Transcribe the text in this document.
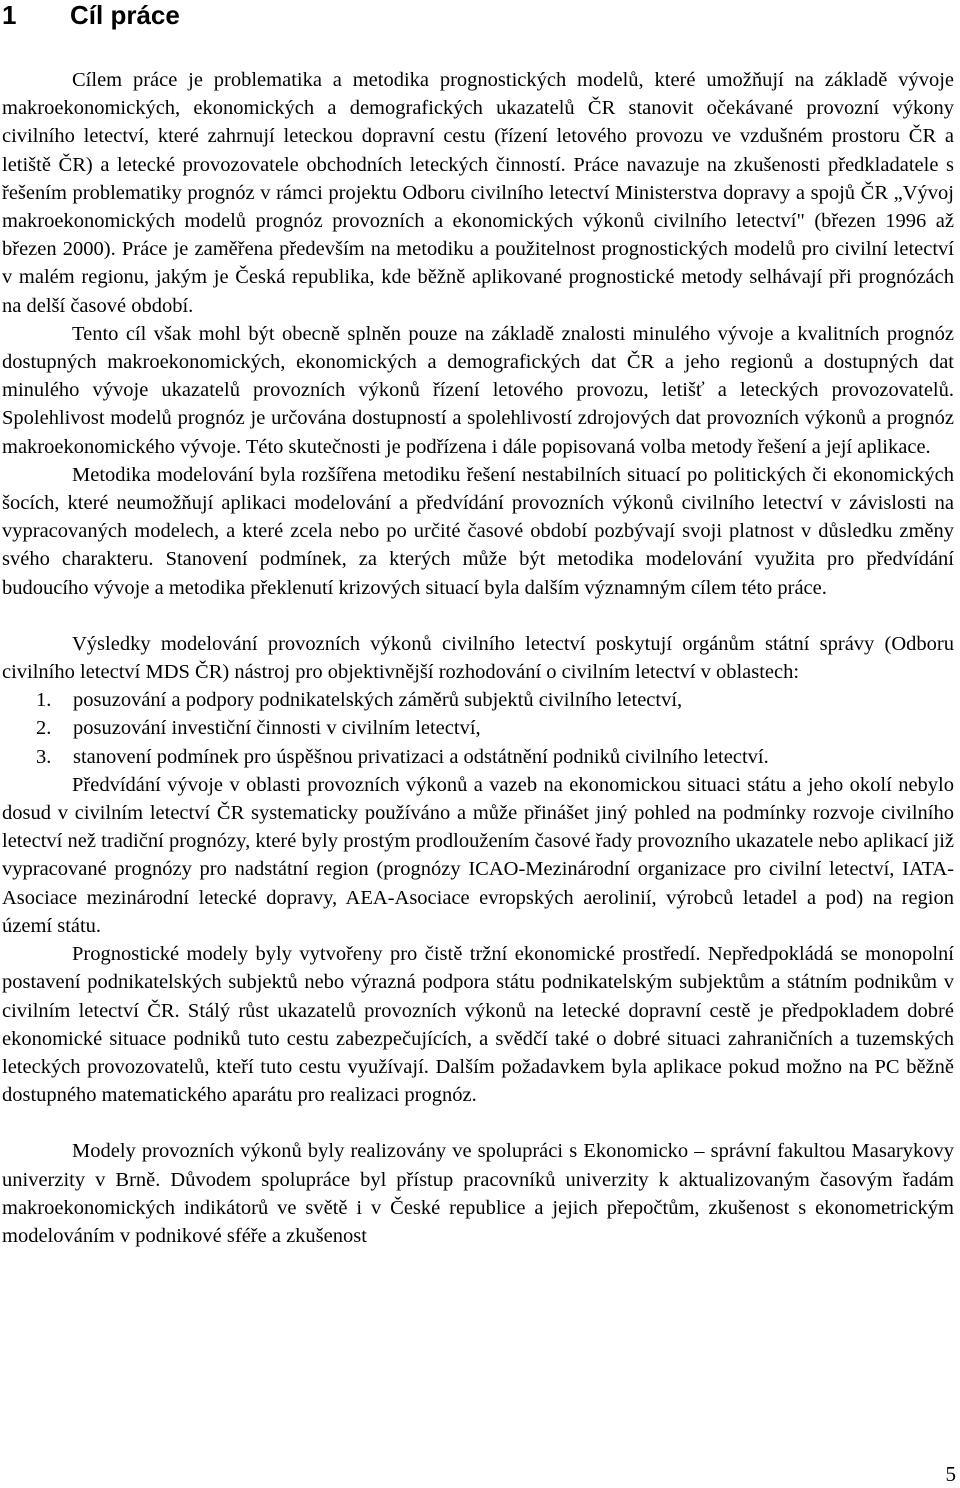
1	Cíl práce

Cílem práce je problematika a metodika prognostických modelů, které umožňují na základě vývoje makroekonomických, ekonomických a demografických ukazatelů ČR stanovit očekávané provozní výkony civilního letectví, které zahrnují leteckou dopravní cestu (řízení letového provozu ve vzdušném prostoru ČR a letiště ČR) a letecké provozovatele obchodních leteckých činností. Práce navazuje na zkušenosti předkladatele s řešením problematiky prognóz v rámci projektu Odboru civilního letectví Ministerstva dopravy a spojů ČR „Vývoj makroekonomických modelů prognóz provozních a ekonomických výkonů civilního letectví" (březen 1996 až březen 2000). Práce je zaměřena především na metodiku a použitelnost prognostických modelů pro civilní letectví v malém regionu, jakým je Česká republika, kde běžně aplikované prognostické metody selhávají při prognózách na delší časové období.

Tento cíl však mohl být obecně splněn pouze na základě znalosti minulého vývoje a kvalitních prognóz dostupných makroekonomických, ekonomických a demografických dat ČR a jeho regionů a dostupných dat minulého vývoje ukazatelů provozních výkonů řízení letového provozu, letišť a leteckých provozovatelů. Spolehlivost modelů prognóz je určována dostupností a spolehlivostí zdrojových dat provozních výkonů a prognóz makroekonomického vývoje. Této skutečnosti je podřízena i dále popisovaná volba metody řešení a její aplikace.

Metodika modelování byla rozšířena metodiku řešení nestabilních situací po politických či ekonomických šocích, které neumožňují aplikaci modelování a předvídání provozních výkonů civilního letectví v závislosti na vypracovaných modelech, a které zcela nebo po určité časové období pozbývají svoji platnost v důsledku změny svého charakteru. Stanovení podmínek, za kterých může být metodika modelování využita pro předvídání budoucího vývoje a metodika překlenutí krizových situací byla dalším významným cílem této práce.

Výsledky modelování provozních výkonů civilního letectví poskytují orgánům státní správy (Odboru civilního letectví MDS ČR) nástroj pro objektivnější rozhodování o civilním letectví v oblastech:

1.	posuzování a podpory podnikatelských záměrů subjektů civilního letectví,
2.	posuzování investiční činnosti v civilním letectví,
3.	stanovení podmínek pro úspěšnou privatizaci a odstátnění podniků civilního letectví.

Předvídání vývoje v oblasti provozních výkonů a vazeb na ekonomickou situaci státu a jeho okolí nebylo dosud v civilním letectví ČR systematicky používáno a může přinášet jiný pohled na podmínky rozvoje civilního letectví než tradiční prognózy, které byly prostým prodloužením časové řady provozního ukazatele nebo aplikací již vypracované prognózy pro nadstátní region (prognózy ICAO-Mezinárodní organizace pro civilní letectví, IATA- Asociace mezinárodní letecké dopravy, AEA-Asociace evropských aerolinií, výrobců letadel a pod) na region území státu.

Prognostické modely byly vytvořeny pro čistě tržní ekonomické prostředí. Nepředpokládá se monopolní postavení podnikatelských subjektů nebo výrazná podpora státu podnikatelským subjektům a státním podnikům v civilním letectví ČR. Stálý růst ukazatelů provozních výkonů na letecké dopravní cestě je předpokladem dobré ekonomické situace podniků tuto cestu zabezpečujících, a svědčí také o dobré situaci zahraničních a tuzemských leteckých provozovatelů, kteří tuto cestu využívají. Dalším požadavkem byla aplikace pokud možno na PC běžně dostupného matematického aparátu pro realizaci prognóz.

Modely provozních výkonů byly realizovány ve spolupráci s Ekonomicko – správní fakultou Masarykovy univerzity v Brně. Důvodem spolupráce byl přístup pracovníků univerzity k aktualizovaným časovým řadám makroekonomických indikátorů ve světě i v České republice a jejich přepočtům, zkušenost s ekonometrickým modelováním v podnikové sféře a zkušenost

5
